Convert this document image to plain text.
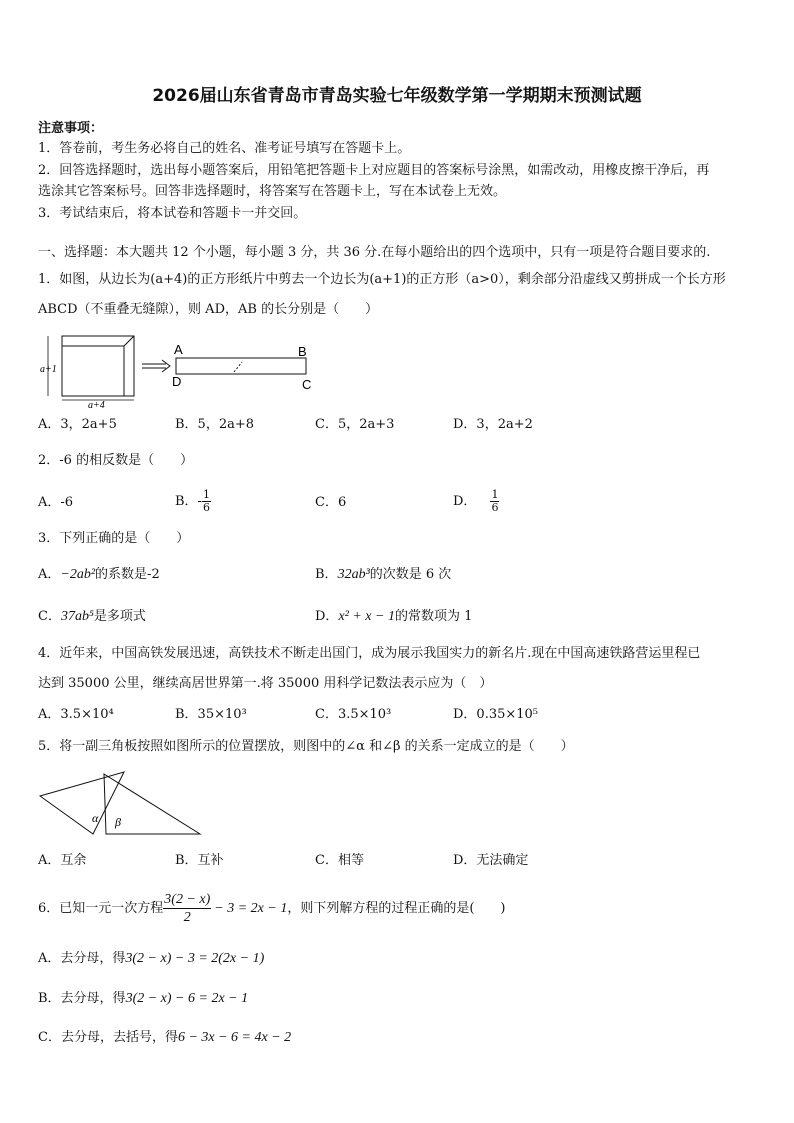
2026届山东省青岛市青岛实验七年级数学第一学期期末预测试题
注意事项：
1．答卷前，考生务必将自己的姓名、准考证号填写在答题卡上。
2．回答选择题时，选出每小题答案后，用铅笔把答题卡上对应题目的答案标号涂黑，如需改动，用橡皮擦干净后，再
选涂其它答案标号。回答非选择题时，将答案写在答题卡上，写在本试卷上无效。
3．考试结束后，将本试卷和答题卡一并交回。
一、选择题：本大题共 12 个小题，每小题 3 分，共 36 分.在每小题给出的四个选项中，只有一项是符合题目要求的.
1．如图，从边长为(a+4)的正方形纸片中剪去一个边长为(a+1)的正方形（a>0），剩余部分沿虚线又剪拼成一个长方形
ABCD（不重叠无缝隙），则 AD，AB 的长分别是（　　）
a+1
a+4
A	B
D	C
A．3，2a+5	B．5，2a+8	C．5，2a+3	D．3，2a+2
2．-6 的相反数是（　　）
A．-6	B．- $\frac{1}{6}$	C．6	D． $\frac{1}{6}$
3．下列正确的是（　　）
A．−2ab²的系数是-2	B．32ab³的次数是 6 次
C．37ab⁵是多项式	D．x² + x − 1的常数项为 1
4．近年来，中国高铁发展迅速，高铁技术不断走出国门，成为展示我国实力的新名片.现在中国高速铁路营运里程已
达到 35000 公里，继续高居世界第一.将 35000 用科学记数法表示应为（　）
A．3.5×10⁴	B．35×10³	C．3.5×10³	D．0.35×10⁵
5．将一副三角板按照如图所示的位置摆放，则图中的∠α 和∠β 的关系一定成立的是（　　）
α β
A．互余	B．互补	C．相等	D．无法确定
6．已知一元一次方程 $\frac{3(2 - x)}{2} - 3 = 2x - 1$，则下列解方程的过程正确的是(　　)
A．去分母，得3(2 − x) − 3 = 2(2x − 1)
B．去分母，得3(2 − x) − 6 = 2x − 1
C．去分母，去括号，得6 − 3x − 6 = 4x − 2
